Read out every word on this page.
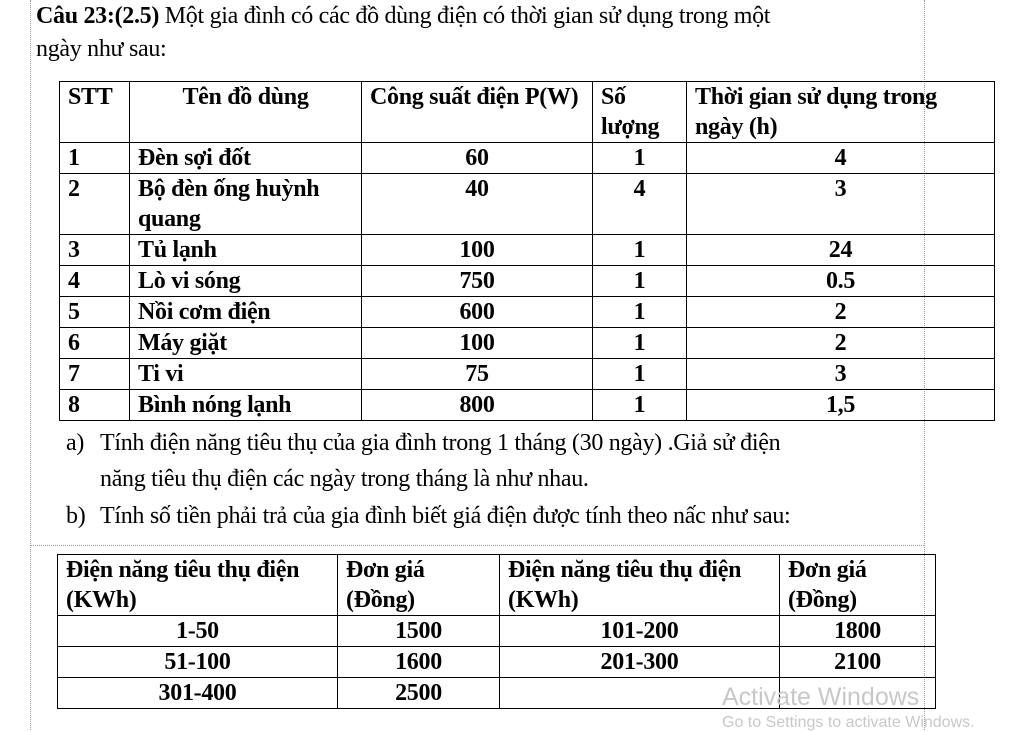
Câu 23:(2.5) Một gia đình có các đồ dùng điện có thời gian sử dụng trong một
ngày như sau:
STT	Tên đồ dùng	Công suất điện P(W)	Số lượng	Thời gian sử dụng trong ngày (h)
1	Đèn sợi đốt	60	1	4
2	Bộ đèn ống huỳnh quang	40	4	3
3	Tủ lạnh	100	1	24
4	Lò vi sóng	750	1	0.5
5	Nồi cơm điện	600	1	2
6	Máy giặt	100	1	2
7	Ti vi	75	1	3
8	Bình nóng lạnh	800	1	1,5
a) Tính điện năng tiêu thụ của gia đình trong 1 tháng (30 ngày) .Giả sử điện
năng tiêu thụ điện các ngày trong tháng là như nhau.
b) Tính số tiền phải trả của gia đình biết giá điện được tính theo nấc như sau:
Điện năng tiêu thụ điện (KWh)	Đơn giá (Đồng)	Điện năng tiêu thụ điện (KWh)	Đơn giá (Đồng)
1-50	1500	101-200	1800
51-100	1600	201-300	2100
301-400	2500			Activate Windows
Go to Settings to activate Windows.
